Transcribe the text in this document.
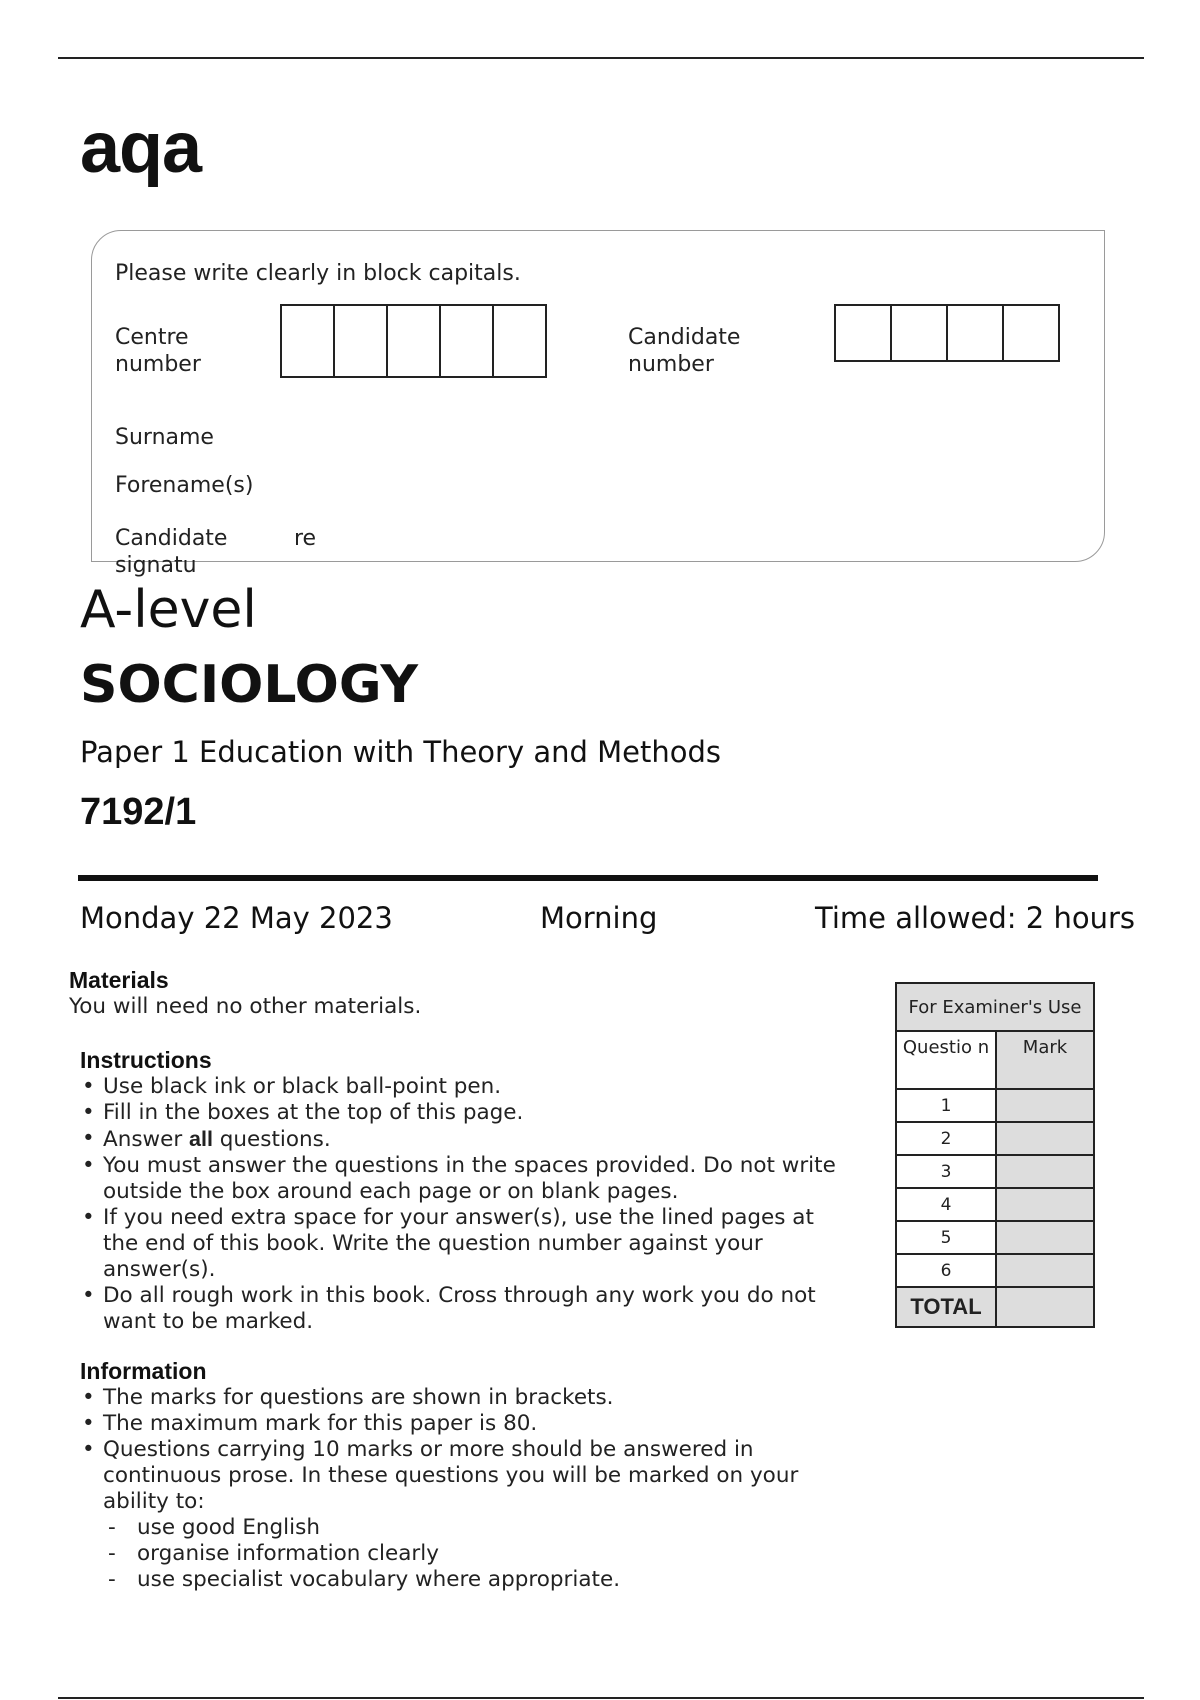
aqa
Please write clearly in block capitals.
Centre
number
Candidate
number
Surname
Forename(s)
Candidate
signatu
re
A-level
SOCIOLOGY
Paper 1 Education with Theory and Methods
7192/1
Monday 22 May 2023	Morning	Time allowed: 2 hours
Materials
You will need no other materials.
Instructions
• Use black ink or black ball-point pen.
• Fill in the boxes at the top of this page.
• Answer all questions.
• You must answer the questions in the spaces provided. Do not write outside the box around each page or on blank pages.
• If you need extra space for your answer(s), use the lined pages at the end of this book. Write the question number against your answer(s).
• Do all rough work in this book. Cross through any work you do not want to be marked.
Information
• The marks for questions are shown in brackets.
• The maximum mark for this paper is 80.
• Questions carrying 10 marks or more should be answered in continuous prose. In these questions you will be marked on your ability to:
- use good English
- organise information clearly
- use specialist vocabulary where appropriate.
For Examiner's Use	
Questio n	Mark
1	
2	
3	
4	
5	
6	
TOTAL	
